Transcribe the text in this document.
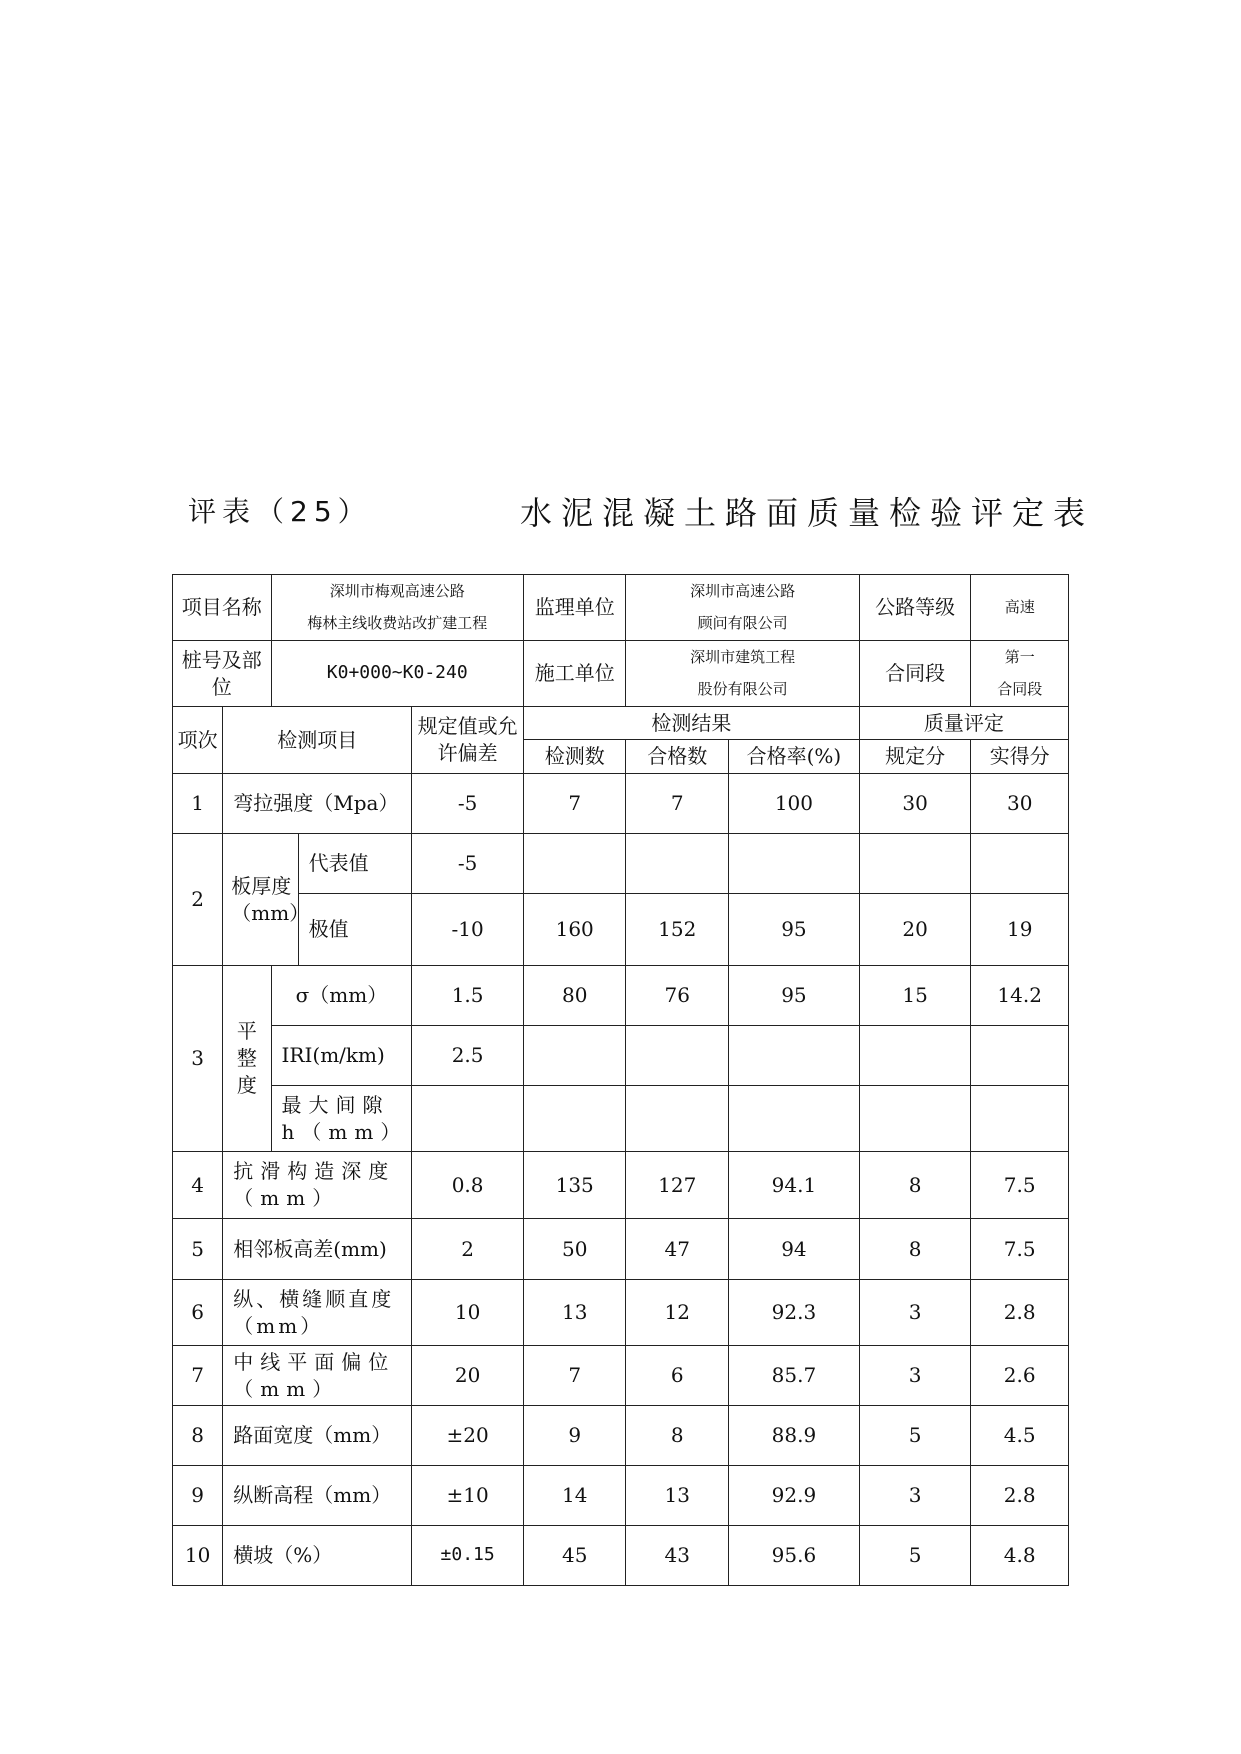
评表（25）	水泥混凝土路面质量检验评定表
项目名称		深圳市梅观高速公路
梅林主线收费站改扩建工程			监理单位	深圳市高速公路
顾问有限公司		公路等级	高速
桩号及部位		K0+000~K0-240			施工单位	深圳市建筑工程
股份有限公司		合同段	第一
合同段
项次	检测项目			规定值或允许偏差	检测结果			质量评定	
					检测数	合格数	合格率(%)	规定分	实得分
1	弯拉强度（Mpa）			-5	7	7	100	30	30
2	板厚度（mm）		代表值	-5					
			极值	-10	160	152	95	20	19
3	平整度	σ（mm）		1.5	80	76	95	15	14.2
		IRI(m/km)		2.5					
		最大间隙h（mm）							
4	抗滑构造深度（mm）			0.8	135	127	94.1	8	7.5
5	相邻板高差(mm)			2	50	47	94	8	7.5
6	纵、横缝顺直度（mm）			10	13	12	92.3	3	2.8
7	中线平面偏位（mm）			20	7	6	85.7	3	2.6
8	路面宽度（mm）			±20	9	8	88.9	5	4.5
9	纵断高程（mm）			±10	14	13	92.9	3	2.8
10	横坡（%）			±0.15	45	43	95.6	5	4.8
